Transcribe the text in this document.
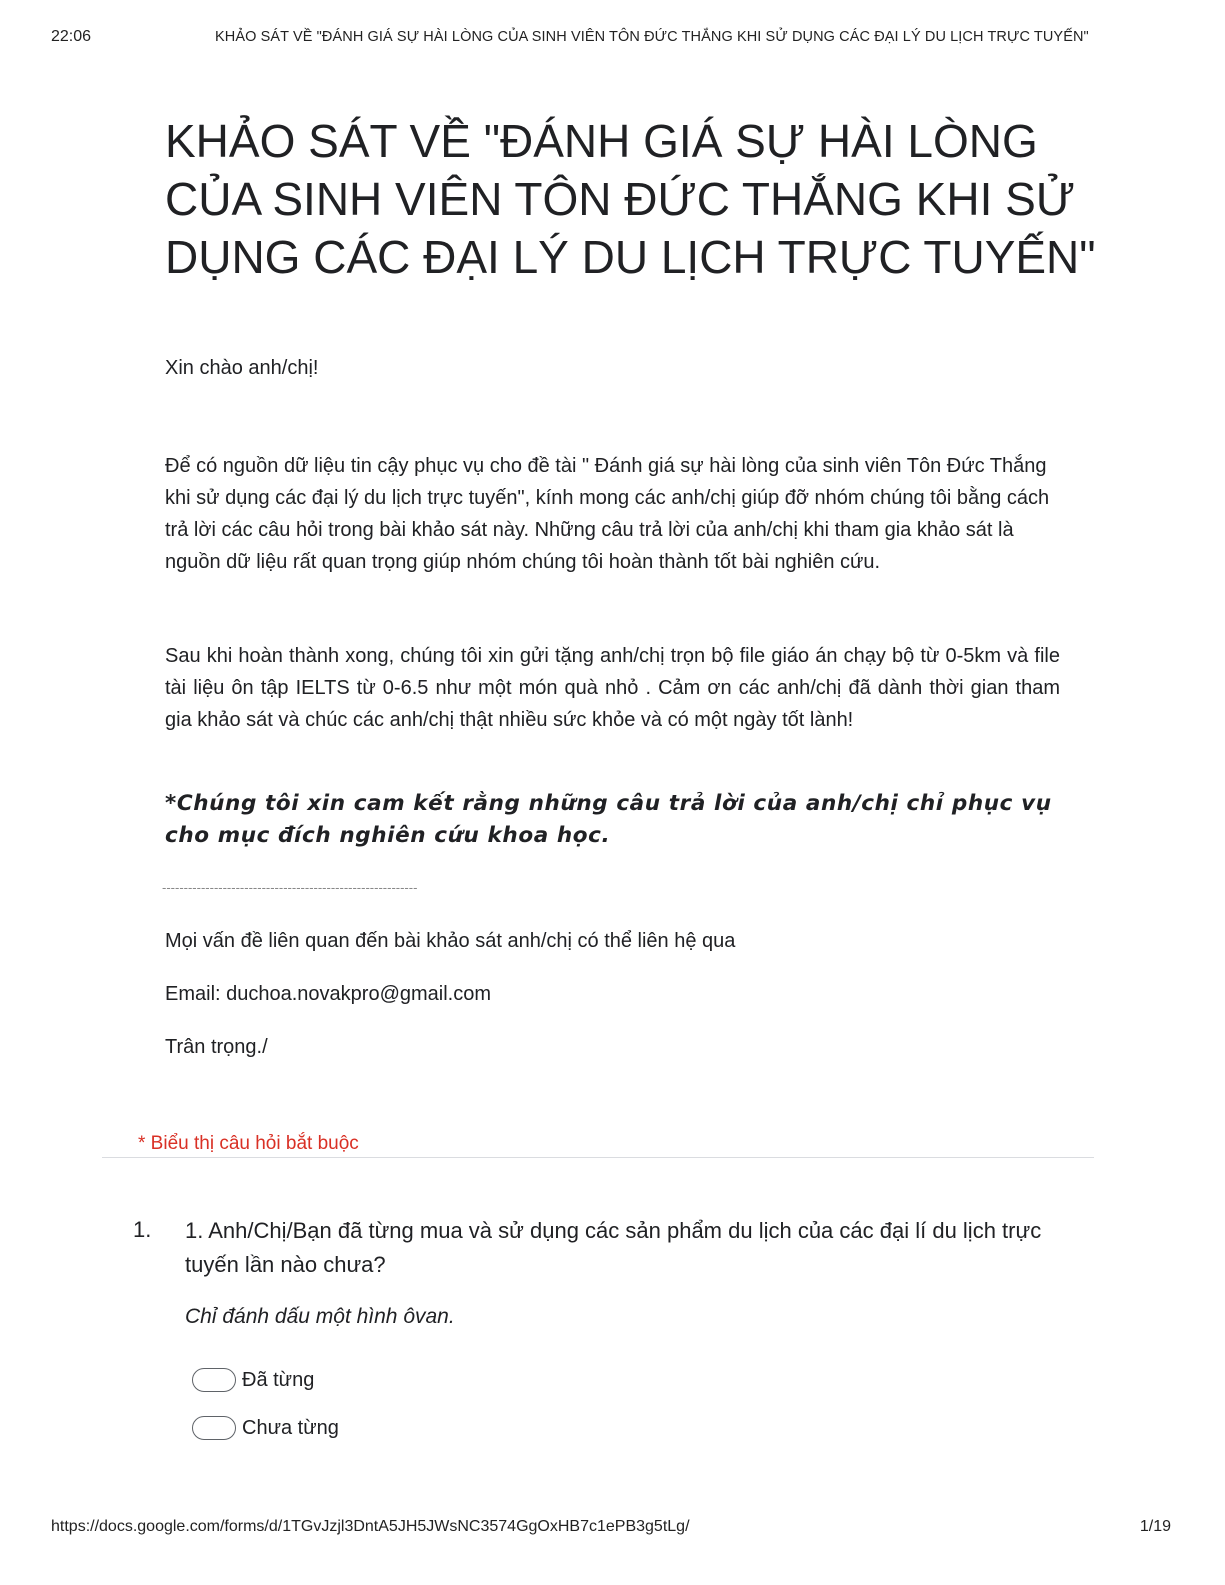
22:06	KHẢO SÁT VỀ "ĐÁNH GIÁ SỰ HÀI LÒNG CỦA SINH VIÊN TÔN ĐỨC THẮNG KHI SỬ DỤNG CÁC ĐẠI LÝ DU LỊCH TRỰC TUYẾN"
KHẢO SÁT VỀ "ĐÁNH GIÁ SỰ HÀI LÒNG CỦA SINH VIÊN TÔN ĐỨC THẮNG KHI SỬ DỤNG CÁC ĐẠI LÝ DU LỊCH TRỰC TUYẾN"

Xin chào anh/chị!

Để có nguồn dữ liệu tin cậy phục vụ cho đề tài " Đánh giá sự hài lòng của sinh viên Tôn Đức Thắng khi sử dụng các đại lý du lịch trực tuyến", kính mong các anh/chị giúp đỡ nhóm chúng tôi bằng cách trả lời các câu hỏi trong bài khảo sát này. Những câu trả lời của anh/chị khi tham gia khảo sát là nguồn dữ liệu rất quan trọng giúp nhóm chúng tôi hoàn thành tốt bài nghiên cứu.

Sau khi hoàn thành xong, chúng tôi xin gửi tặng anh/chị trọn bộ file giáo án chạy bộ từ 0-5km và file tài liệu ôn tập IELTS từ 0-6.5 như một món quà nhỏ . Cảm ơn các anh/chị đã dành thời gian tham gia khảo sát và chúc các anh/chị thật nhiều sức khỏe và có một ngày tốt lành!

*Chúng tôi xin cam kết rằng những câu trả lời của anh/chị chỉ phục vụ cho mục đích nghiên cứu khoa học.

-----------------------------------------------------------

Mọi vấn đề liên quan đến bài khảo sát anh/chị có thể liên hệ qua

Email: duchoa.novakpro@gmail.com

Trân trọng./

* Biểu thị câu hỏi bắt buộc
1. 1. Anh/Chị/Bạn đã từng mua và sử dụng các sản phẩm du lịch của các đại lí du lịch trực tuyến lần nào chưa?
Chỉ đánh dấu một hình ôvan.
Đã từng
Chưa từng
https://docs.google.com/forms/d/1TGvJzjl3DntA5JH5JWsNC3574GgOxHB7c1ePB3g5tLg/	1/19
